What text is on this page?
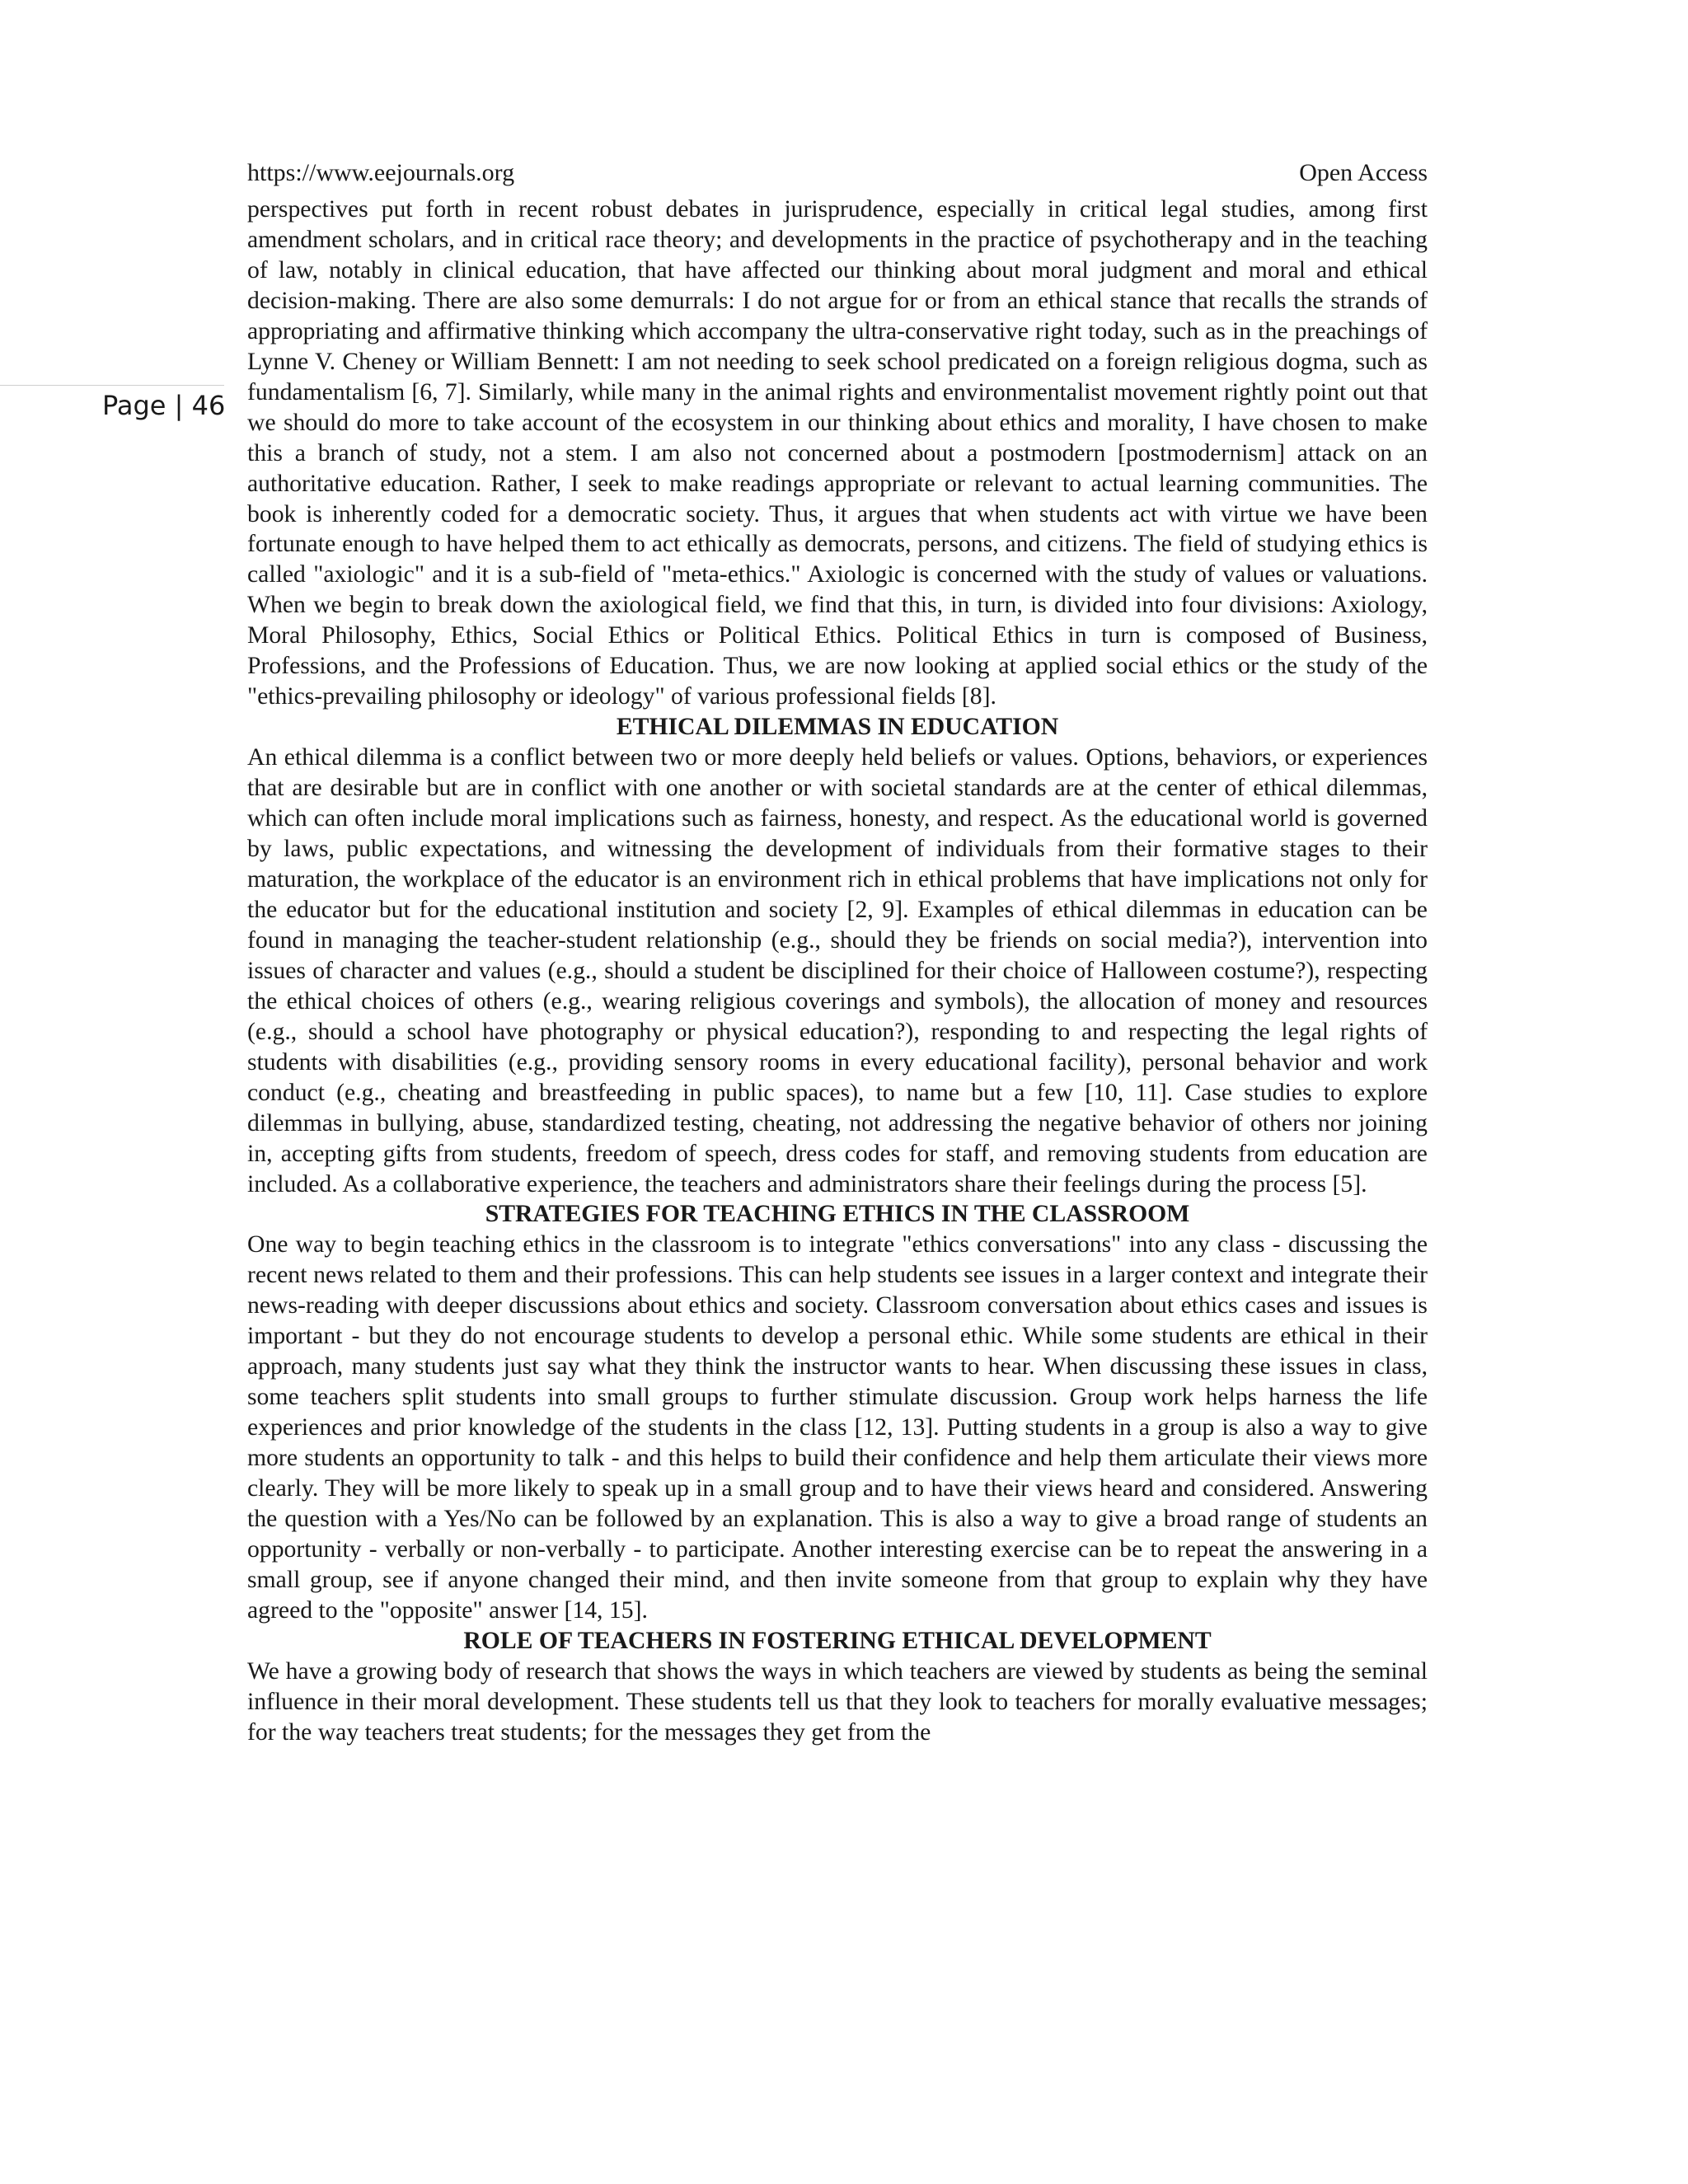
https://www.eejournals.org	Open Access
Page | 46

perspectives put forth in recent robust debates in jurisprudence, especially in critical legal studies, among first amendment scholars, and in critical race theory; and developments in the practice of psychotherapy and in the teaching of law, notably in clinical education, that have affected our thinking about moral judgment and moral and ethical decision-making. There are also some demurrals: I do not argue for or from an ethical stance that recalls the strands of appropriating and affirmative thinking which accompany the ultra-conservative right today, such as in the preachings of Lynne V. Cheney or William Bennett: I am not needing to seek school predicated on a foreign religious dogma, such as fundamentalism [6, 7]. Similarly, while many in the animal rights and environmentalist movement rightly point out that we should do more to take account of the ecosystem in our thinking about ethics and morality, I have chosen to make this a branch of study, not a stem. I am also not concerned about a postmodern [postmodernism] attack on an authoritative education. Rather, I seek to make readings appropriate or relevant to actual learning communities. The book is inherently coded for a democratic society. Thus, it argues that when students act with virtue we have been fortunate enough to have helped them to act ethically as democrats, persons, and citizens. The field of studying ethics is called "axiologic" and it is a sub-field of "meta-ethics." Axiologic is concerned with the study of values or valuations. When we begin to break down the axiological field, we find that this, in turn, is divided into four divisions: Axiology, Moral Philosophy, Ethics, Social Ethics or Political Ethics. Political Ethics in turn is composed of Business, Professions, and the Professions of Education. Thus, we are now looking at applied social ethics or the study of the "ethics-prevailing philosophy or ideology" of various professional fields [8].

ETHICAL DILEMMAS IN EDUCATION

An ethical dilemma is a conflict between two or more deeply held beliefs or values. Options, behaviors, or experiences that are desirable but are in conflict with one another or with societal standards are at the center of ethical dilemmas, which can often include moral implications such as fairness, honesty, and respect. As the educational world is governed by laws, public expectations, and witnessing the development of individuals from their formative stages to their maturation, the workplace of the educator is an environment rich in ethical problems that have implications not only for the educator but for the educational institution and society [2, 9]. Examples of ethical dilemmas in education can be found in managing the teacher-student relationship (e.g., should they be friends on social media?), intervention into issues of character and values (e.g., should a student be disciplined for their choice of Halloween costume?), respecting the ethical choices of others (e.g., wearing religious coverings and symbols), the allocation of money and resources (e.g., should a school have photography or physical education?), responding to and respecting the legal rights of students with disabilities (e.g., providing sensory rooms in every educational facility), personal behavior and work conduct (e.g., cheating and breastfeeding in public spaces), to name but a few [10, 11]. Case studies to explore dilemmas in bullying, abuse, standardized testing, cheating, not addressing the negative behavior of others nor joining in, accepting gifts from students, freedom of speech, dress codes for staff, and removing students from education are included. As a collaborative experience, the teachers and administrators share their feelings during the process [5].

STRATEGIES FOR TEACHING ETHICS IN THE CLASSROOM

One way to begin teaching ethics in the classroom is to integrate "ethics conversations" into any class - discussing the recent news related to them and their professions. This can help students see issues in a larger context and integrate their news-reading with deeper discussions about ethics and society. Classroom conversation about ethics cases and issues is important - but they do not encourage students to develop a personal ethic. While some students are ethical in their approach, many students just say what they think the instructor wants to hear. When discussing these issues in class, some teachers split students into small groups to further stimulate discussion. Group work helps harness the life experiences and prior knowledge of the students in the class [12, 13]. Putting students in a group is also a way to give more students an opportunity to talk - and this helps to build their confidence and help them articulate their views more clearly. They will be more likely to speak up in a small group and to have their views heard and considered. Answering the question with a Yes/No can be followed by an explanation. This is also a way to give a broad range of students an opportunity - verbally or non-verbally - to participate. Another interesting exercise can be to repeat the answering in a small group, see if anyone changed their mind, and then invite someone from that group to explain why they have agreed to the "opposite" answer [14, 15].

ROLE OF TEACHERS IN FOSTERING ETHICAL DEVELOPMENT

We have a growing body of research that shows the ways in which teachers are viewed by students as being the seminal influence in their moral development. These students tell us that they look to teachers for morally evaluative messages; for the way teachers treat students; for the messages they get from the
